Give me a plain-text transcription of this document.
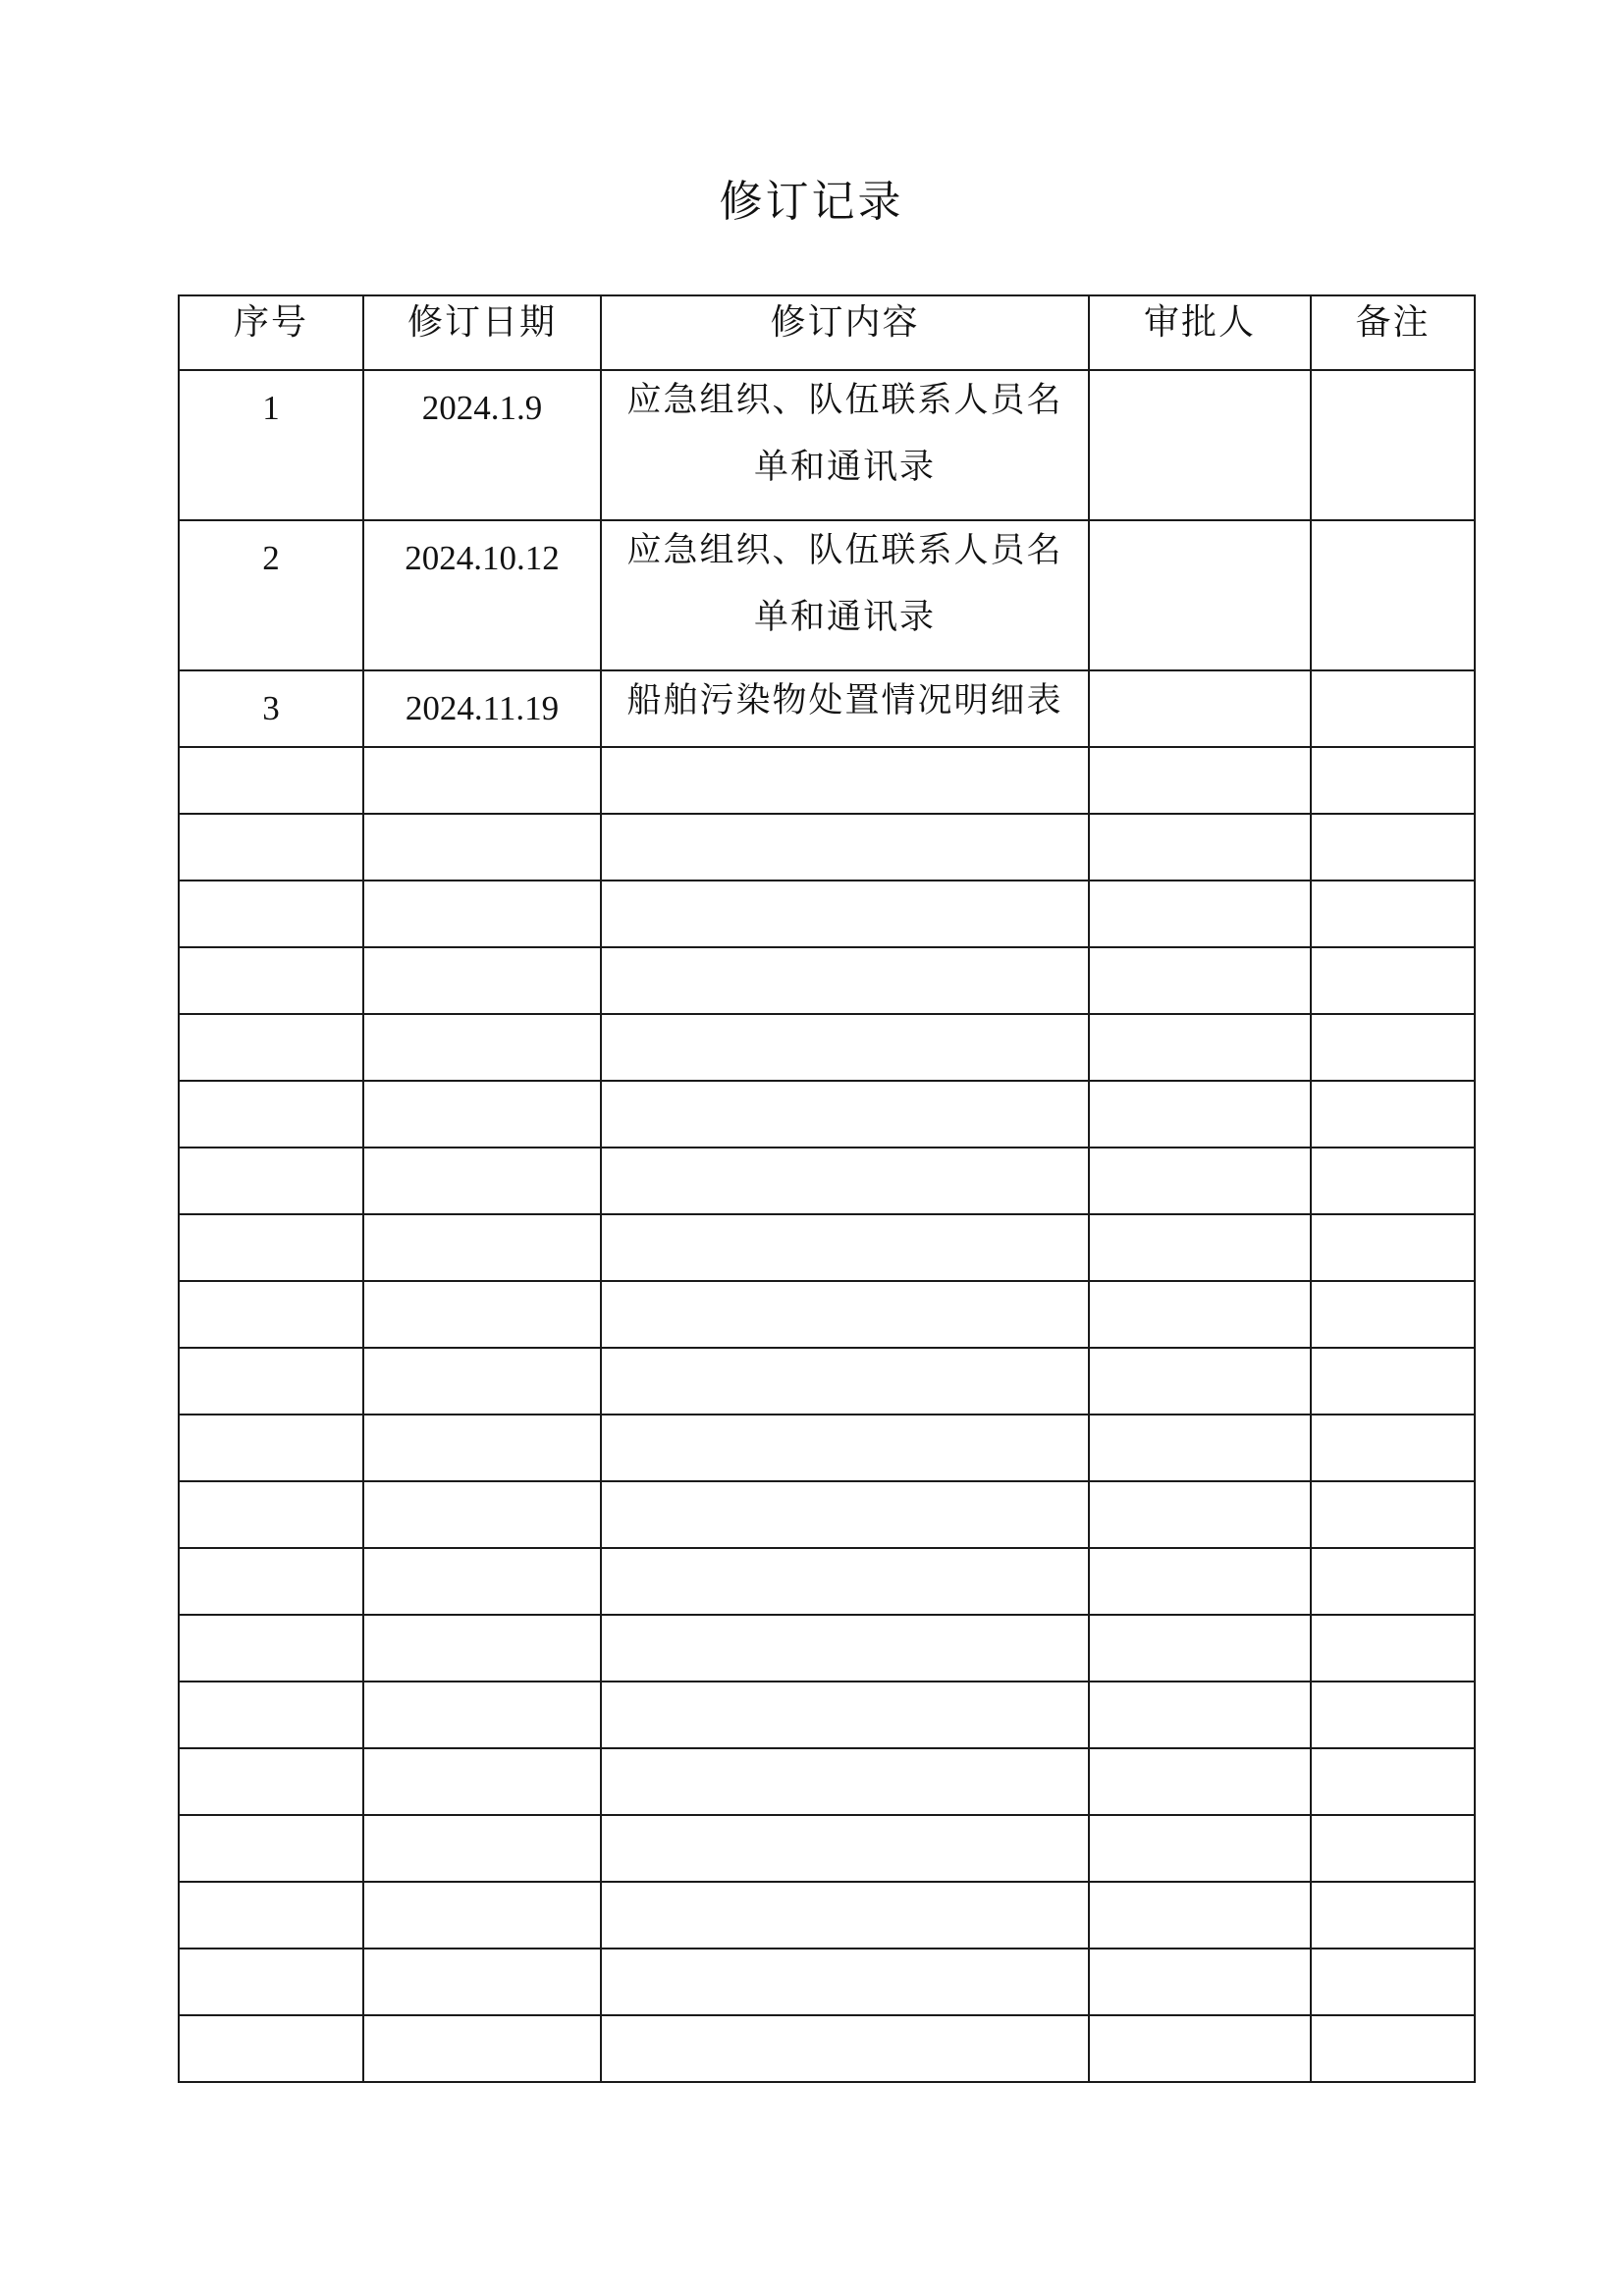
修订记录
序号	修订日期	修订内容	审批人	备注
1	2024.1.9	应急组织、队伍联系人员名
单和通讯录		

2	2024.10.12	应急组织、队伍联系人员名
单和通讯录		

3	2024.11.19	船舶污染物处置情况明细表		
